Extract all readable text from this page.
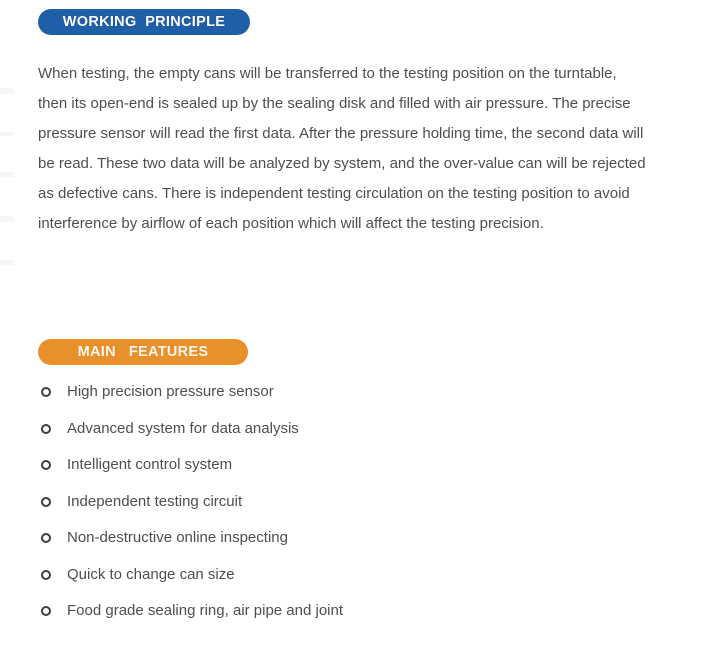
WORKING  PRINCIPLE

When testing, the empty cans will be transferred to the testing position on the turntable, then its open-end is sealed up by the sealing disk and filled with air pressure. The precise pressure sensor will read the first data. After the pressure holding time, the second data will be read. These two data will be analyzed by system, and the over-value can will be rejected as defective cans. There is independent testing circulation on the testing position to avoid interference by airflow of each position which will affect the testing precision.

MAIN   FEATURES
High precision pressure sensor
Advanced system for data analysis
Intelligent control system
Independent testing circuit
Non-destructive online inspecting
Quick to change can size
Food grade sealing ring, air pipe and joint
